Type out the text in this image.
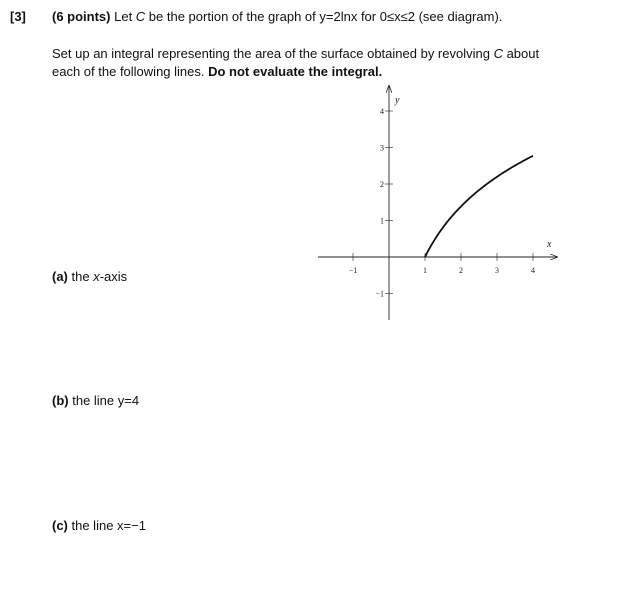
[3] (6 points) Let C be the portion of the graph of y=2lnx for 0≤x≤2 (see diagram).
Set up an integral representing the area of the surface obtained by revolving C about
each of the following lines. Do not evaluate the integral.
x
y
−1	1	2	3	4
−1
1
2
3
4
(a) the x-axis
(b) the line y=4
(c) the line x=−1
